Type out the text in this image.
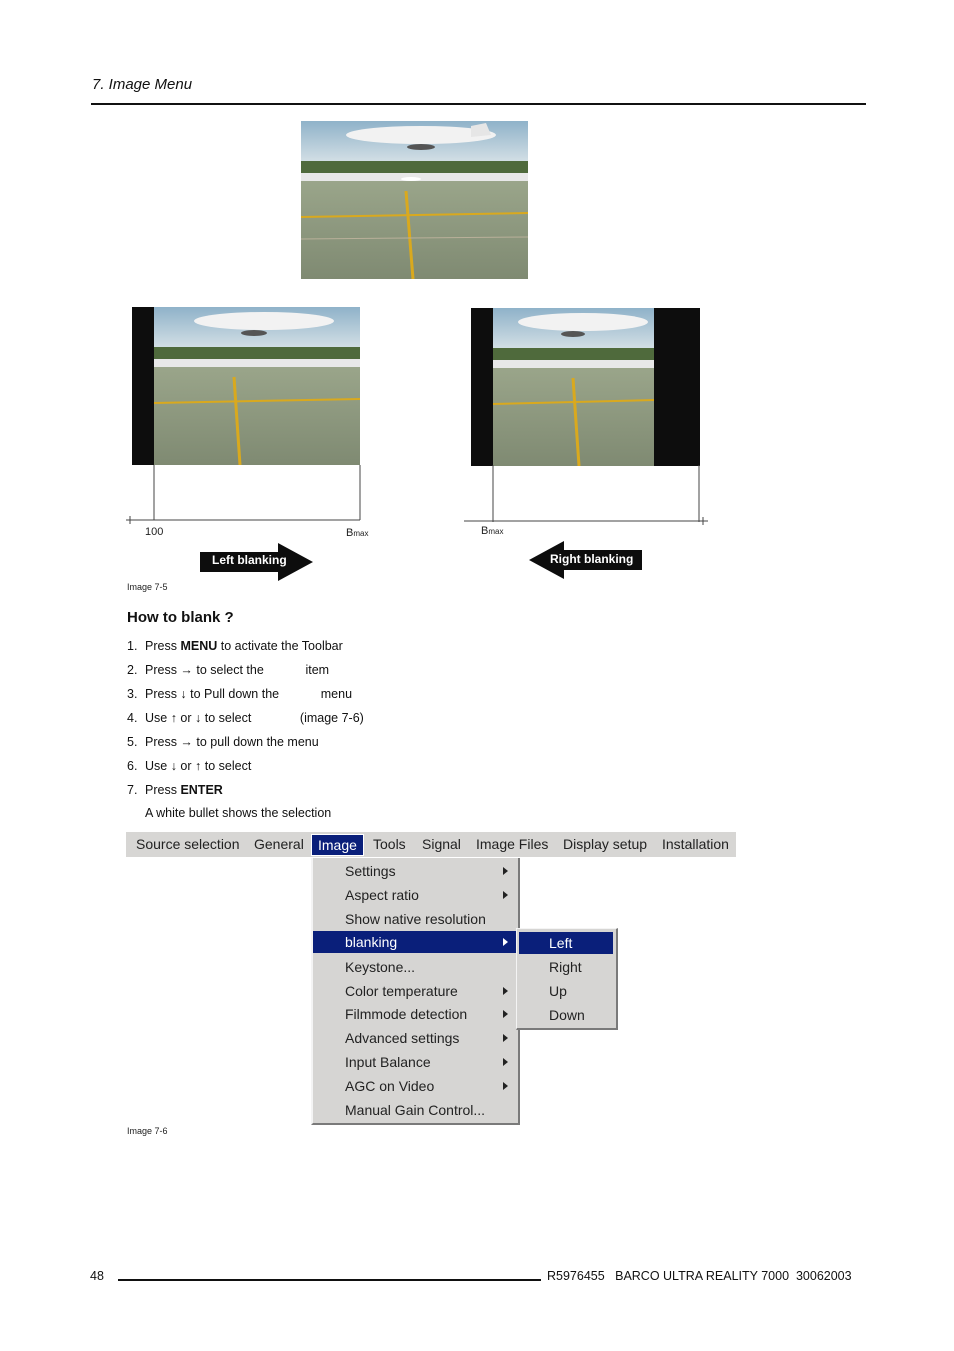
7. Image Menu
100	Bmax	Bmax
Left blanking	Right blanking
Image 7-5
How to blank ?
1. Press MENU to activate the Toolbar
2. Press → to select the            item
3. Press ↓ to Pull down the            menu
4. Use ↑ or ↓ to select              (image 7-6)
5. Press → to pull down the menu
6. Use ↓ or ↑ to select
7. Press ENTER
A white bullet shows the selection
Source selection General	Image	Tools Signal Image Files Display setup Installation
Settings
Aspect ratio
Show native resolution
blanking
Keystone...
Color temperature
Filmmode detection
Advanced settings
Input Balance
AGC on Video
Manual Gain Control...
Left
Right
Up
Down
Image 7-6
48	R5976455   BARCO ULTRA REALITY 7000  30062003
